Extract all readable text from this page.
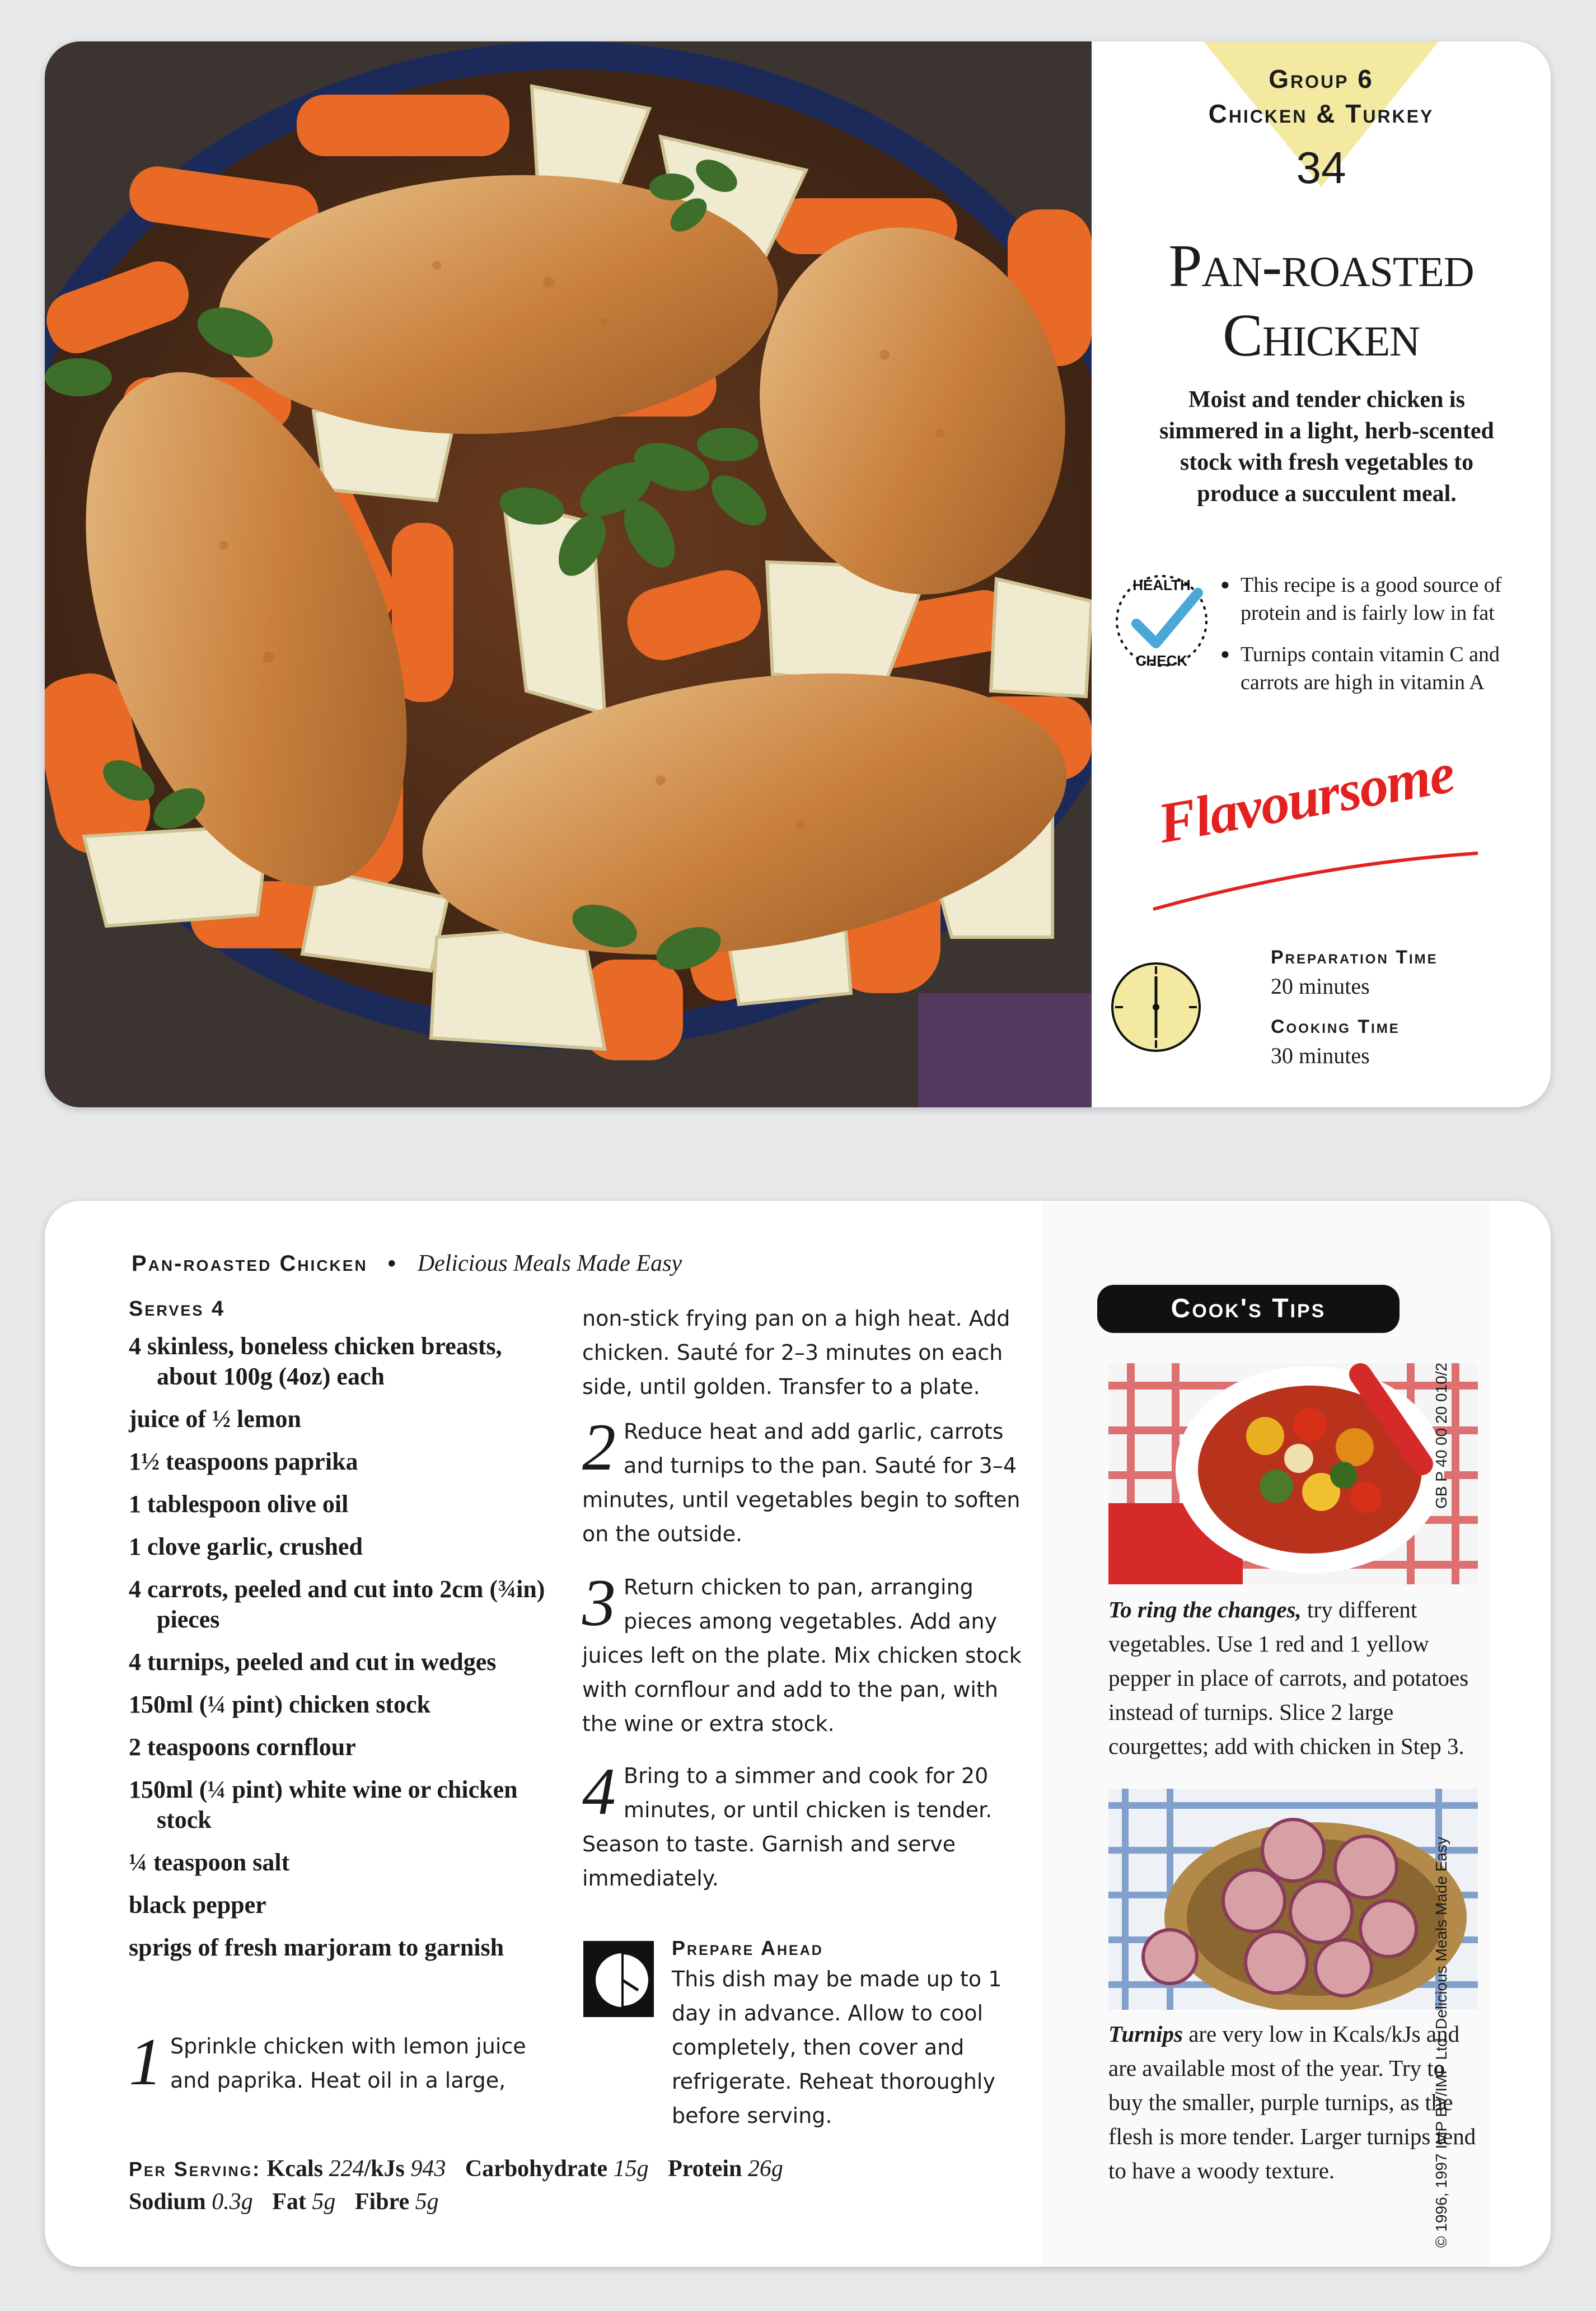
Group 6
Chicken & Turkey
34
Pan-roasted
Chicken
Moist and tender chicken is simmered in a light, herb-scented stock with fresh vegetables to produce a succulent meal.
HEALTH
CHECK
● This recipe is a good source of protein and is fairly low in fat
● Turnips contain vitamin C and carrots are high in vitamin A
Flavoursome
Preparation Time
20 minutes
Cooking Time
30 minutes
Pan-roasted Chicken • Delicious Meals Made Easy
Serves 4
4 skinless, boneless chicken breasts, about 100g (4oz) each
juice of ½ lemon
1½ teaspoons paprika
1 tablespoon olive oil
1 clove garlic, crushed
4 carrots, peeled and cut into 2cm (¾in) pieces
4 turnips, peeled and cut in wedges
150ml (¼ pint) chicken stock
2 teaspoons cornflour
150ml (¼ pint) white wine or chicken stock
¼ teaspoon salt
black pepper
sprigs of fresh marjoram to garnish
1 Sprinkle chicken with lemon juice and paprika. Heat oil in a large,
non-stick frying pan on a high heat. Add chicken. Sauté for 2–3 minutes on each side, until golden. Transfer to a plate.
2 Reduce heat and add garlic, carrots and turnips to the pan. Sauté for 3–4 minutes, until vegetables begin to soften on the outside.
3 Return chicken to pan, arranging pieces among vegetables. Add any juices left on the plate. Mix chicken stock with cornflour and add to the pan, with the wine or extra stock.
4 Bring to a simmer and cook for 20 minutes, or until chicken is tender. Season to taste. Garnish and serve immediately.
Prepare Ahead
This dish may be made up to 1 day in advance. Allow to cool completely, then cover and refrigerate. Reheat thoroughly before serving.
Per Serving: Kcals 224/kJs 943 Carbohydrate 15g Protein 26g
Sodium 0.3g Fat 5g Fibre 5g
Cook's Tips
To ring the changes, try different vegetables. Use 1 red and 1 yellow pepper in place of carrots, and potatoes instead of turnips. Slice 2 large courgettes; add with chicken in Step 3.
Turnips are very low in Kcals/kJs and are available most of the year. Try to buy the smaller, purple turnips, as the flesh is more tender. Larger turnips tend to have a woody texture.
GB P 40 00 20 010/2
© 1996, 1997 IMP BV/IMP Ltd. Delicious Meals Made Easy
